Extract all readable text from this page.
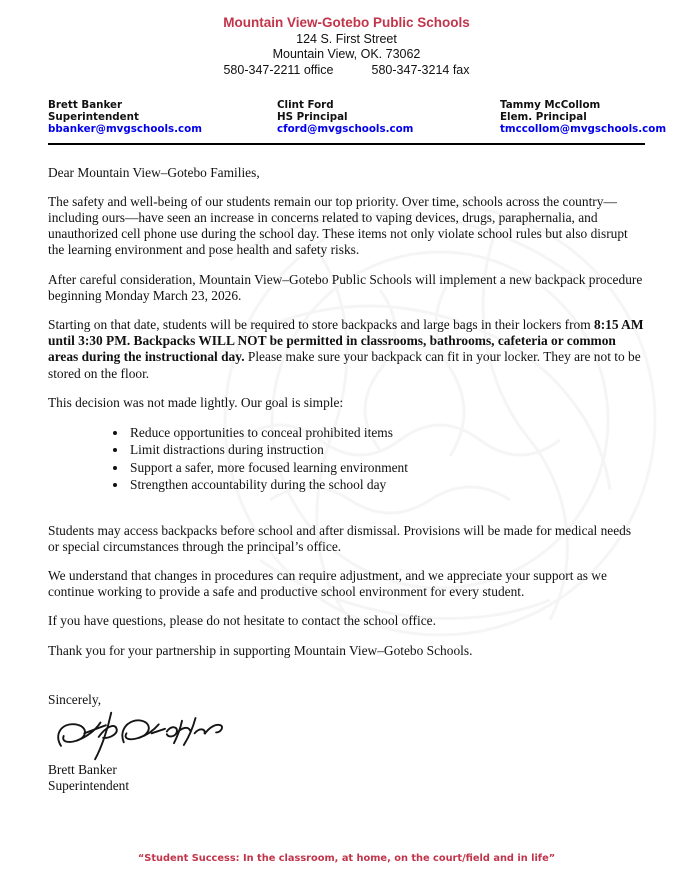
Mountain View-Gotebo Public Schools
124 S. First Street
Mountain View, OK. 73062
580-347-2211 office	580-347-3214 fax
Brett Banker
Superintendent
bbanker@mvgschools.com
Clint Ford
HS Principal
cford@mvgschools.com
Tammy McCollom
Elem. Principal
tmccollom@mvgschools.com

Dear Mountain View–Gotebo Families,

The safety and well-being of our students remain our top priority. Over time, schools across the country—including ours—have seen an increase in concerns related to vaping devices, drugs, paraphernalia, and unauthorized cell phone use during the school day. These items not only violate school rules but also disrupt the learning environment and pose health and safety risks.

After careful consideration, Mountain View–Gotebo Public Schools will implement a new backpack procedure beginning Monday March 23, 2026.

Starting on that date, students will be required to store backpacks and large bags in their lockers from 8:15 AM until 3:30 PM. Backpacks WILL NOT be permitted in classrooms, bathrooms, cafeteria or common areas during the instructional day. Please make sure your backpack can fit in your locker. They are not to be stored on the floor.

This decision was not made lightly. Our goal is simple:

• Reduce opportunities to conceal prohibited items
• Limit distractions during instruction
• Support a safer, more focused learning environment
• Strengthen accountability during the school day

Students may access backpacks before school and after dismissal. Provisions will be made for medical needs or special circumstances through the principal’s office.

We understand that changes in procedures can require adjustment, and we appreciate your support as we continue working to provide a safe and productive school environment for every student.

If you have questions, please do not hesitate to contact the school office.

Thank you for your partnership in supporting Mountain View–Gotebo Schools.

Sincerely,

Brett Banker
Superintendent
“Student Success: In the classroom, at home, on the court/field and in life”
